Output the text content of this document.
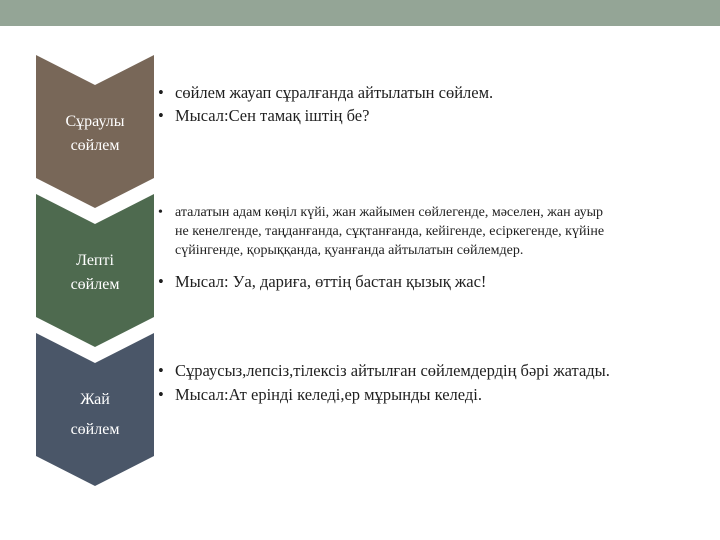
Сұраулы
сөйлем
• сөйлем жауап сұралғанда айтылатын сөйлем.
• Мысал:Сен тамақ іштің бе?
Лепті
сөйлем
• аталатын адам көңіл күйі, жан жайымен сөйлегенде, мәселен, жан ауыр
не кенелгенде, таңданғанда, сұқтанғанда, кейігенде, есіркегенде, күйіне
сүйінгенде, қорыққанда, қуанғанда айтылатын сөйлемдер.
• Мысал: Уа, дариға, өттің бастан қызық жас!
Жай
сөйлем
• Сұраусыз,лепсіз,тілексіз айтылған сөйлемдердің бәрі жатады.
• Мысал:Ат ерінді келеді,ер мұрынды келеді.
